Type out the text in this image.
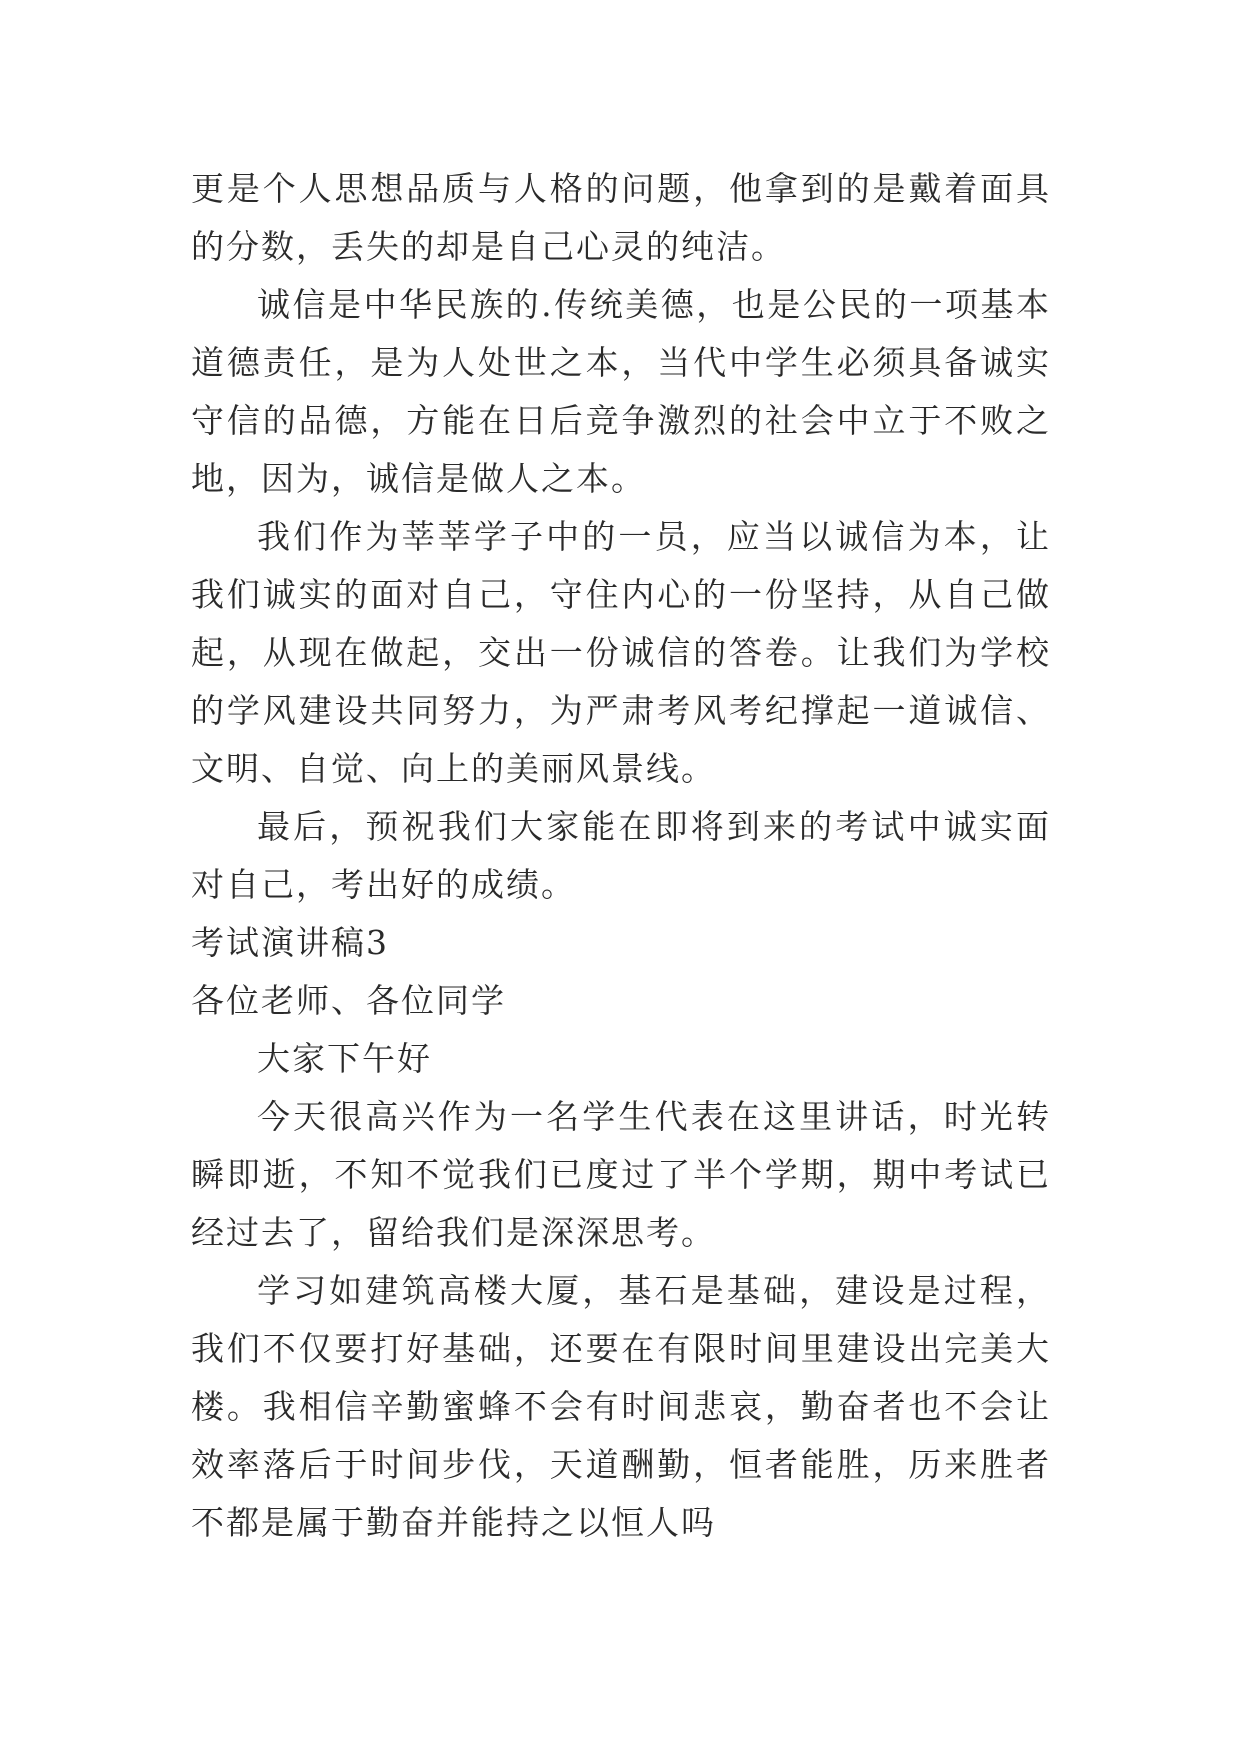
更是个人思想品质与人格的问题，他拿到的是戴着面具的分数，丢失的却是自己心灵的纯洁。

诚信是中华民族的.传统美德，也是公民的一项基本道德责任，是为人处世之本，当代中学生必须具备诚实守信的品德，方能在日后竞争激烈的社会中立于不败之地，因为，诚信是做人之本。

我们作为莘莘学子中的一员，应当以诚信为本，让我们诚实的面对自己，守住内心的一份坚持，从自己做起，从现在做起，交出一份诚信的答卷。让我们为学校的学风建设共同努力，为严肃考风考纪撑起一道诚信、文明、自觉、向上的美丽风景线。

最后，预祝我们大家能在即将到来的考试中诚实面对自己，考出好的成绩。

考试演讲稿3

各位老师、各位同学

大家下午好

今天很高兴作为一名学生代表在这里讲话，时光转瞬即逝，不知不觉我们已度过了半个学期，期中考试已经过去了，留给我们是深深思考。

学习如建筑高楼大厦，基石是基础，建设是过程，我们不仅要打好基础，还要在有限时间里建设出完美大楼。我相信辛勤蜜蜂不会有时间悲哀，勤奋者也不会让效率落后于时间步伐，天道酬勤，恒者能胜，历来胜者不都是属于勤奋并能持之以恒人吗
